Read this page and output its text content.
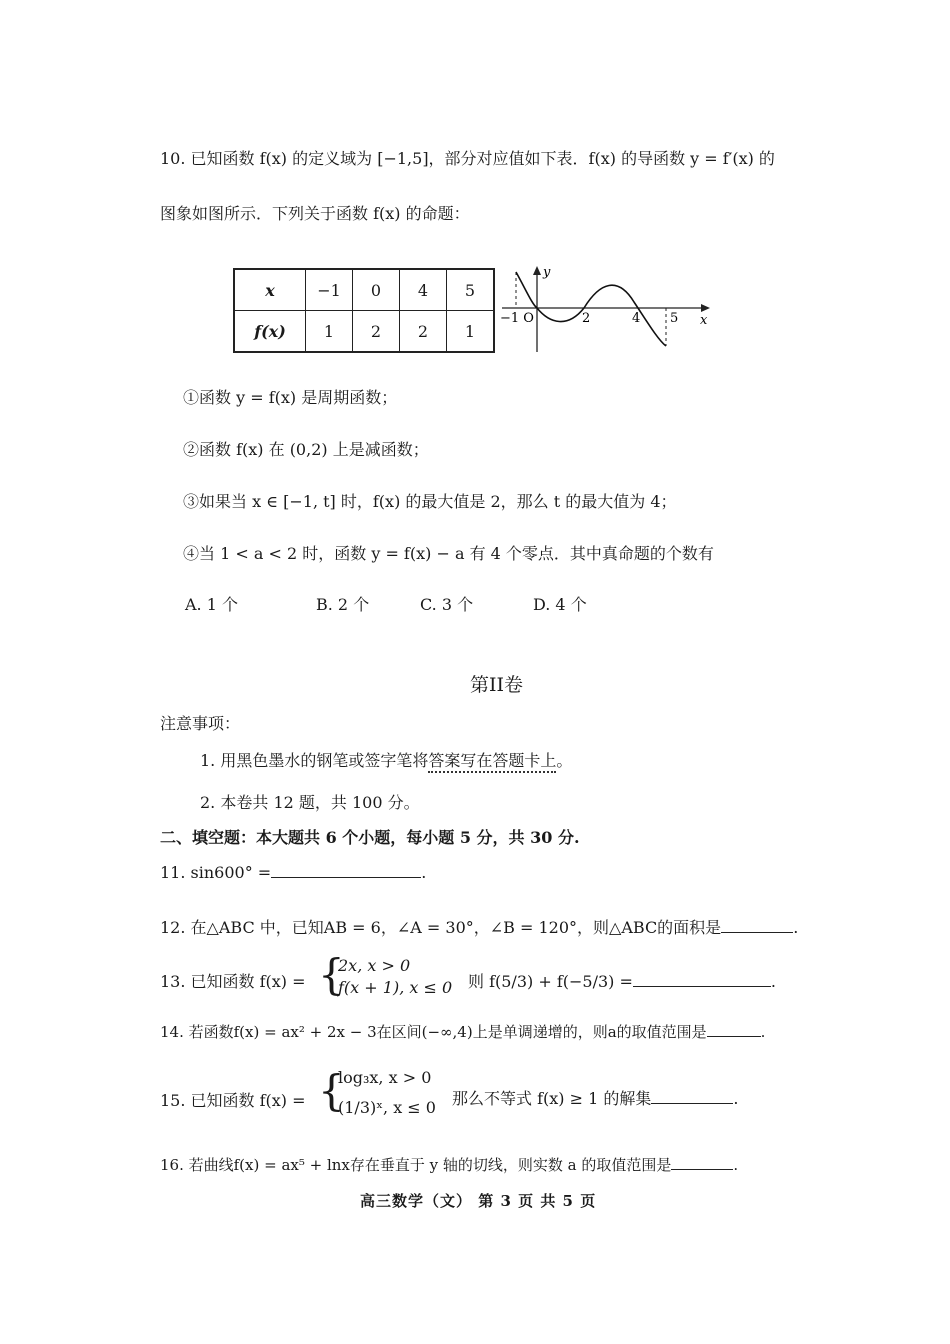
10. 已知函数 f(x) 的定义域为 [−1,5]，部分对应值如下表．f(x) 的导函数 y = f′(x) 的
图象如图所示．下列关于函数 f(x) 的命题：
x	−1	0	4	5
f(x)	1	2	2	1
y
x
−1 O	2	4 5
①函数 y = f(x) 是周期函数；
②函数 f(x) 在 (0,2) 上是减函数；
③如果当 x ∈ [−1, t] 时，f(x) 的最大值是 2，那么 t 的最大值为 4；
④当 1 < a < 2 时，函数 y = f(x) − a 有 4 个零点．其中真命题的个数有
A. 1 个	B. 2 个	C. 3 个	D. 4 个
第II卷
注意事项：
1. 用黑色墨水的钢笔或签字笔将答案写在答题卡上。
2. 本卷共 12 题，共 100 分。
二、填空题：本大题共 6 个小题，每小题 5 分，共 30 分.
11. sin600° =	.
12. 在△ABC 中，已知AB = 6，∠A = 30°，∠B = 120°，则△ABC的面积是	.
13. 已知函数 f(x) = {
2x, x > 0
f(x + 1), x ≤ 0 则 f(5/3) + f(−5/3) =	.
14. 若函数f(x) = ax² + 2x − 3在区间(−∞,4)上是单调递增的，则a的取值范围是	.
15. 已知函数 f(x) = {
log₃x, x > 0
(1/3)ˣ, x ≤ 0 那么不等式 f(x) ≥ 1 的解集	.
16. 若曲线f(x) = ax⁵ + lnx存在垂直于 y 轴的切线，则实数 a 的取值范围是	.
高三数学（文） 第 3 页 共 5 页
